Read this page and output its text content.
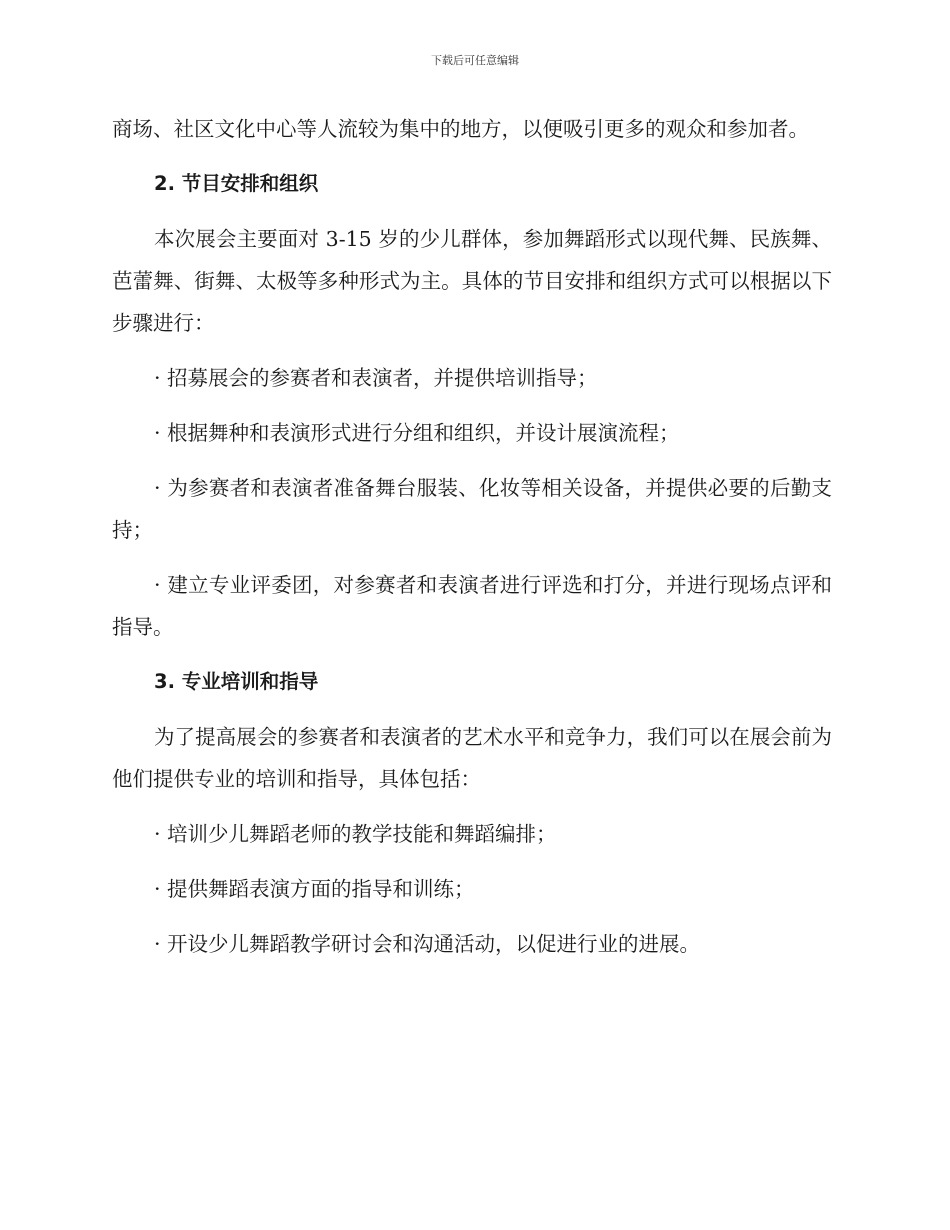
下载后可任意编辑

商场、社区文化中心等人流较为集中的地方，以便吸引更多的观众和参加者。

2. 节目安排和组织

本次展会主要面对 3-15 岁的少儿群体，参加舞蹈形式以现代舞、民族舞、芭蕾舞、街舞、太极等多种形式为主。具体的节目安排和组织方式可以根据以下步骤进行：

· 招募展会的参赛者和表演者，并提供培训指导；

· 根据舞种和表演形式进行分组和组织，并设计展演流程；

· 为参赛者和表演者准备舞台服装、化妆等相关设备，并提供必要的后勤支持；

· 建立专业评委团，对参赛者和表演者进行评选和打分，并进行现场点评和指导。

3. 专业培训和指导

为了提高展会的参赛者和表演者的艺术水平和竞争力，我们可以在展会前为他们提供专业的培训和指导，具体包括：

· 培训少儿舞蹈老师的教学技能和舞蹈编排；

· 提供舞蹈表演方面的指导和训练；

· 开设少儿舞蹈教学研讨会和沟通活动，以促进行业的进展。
